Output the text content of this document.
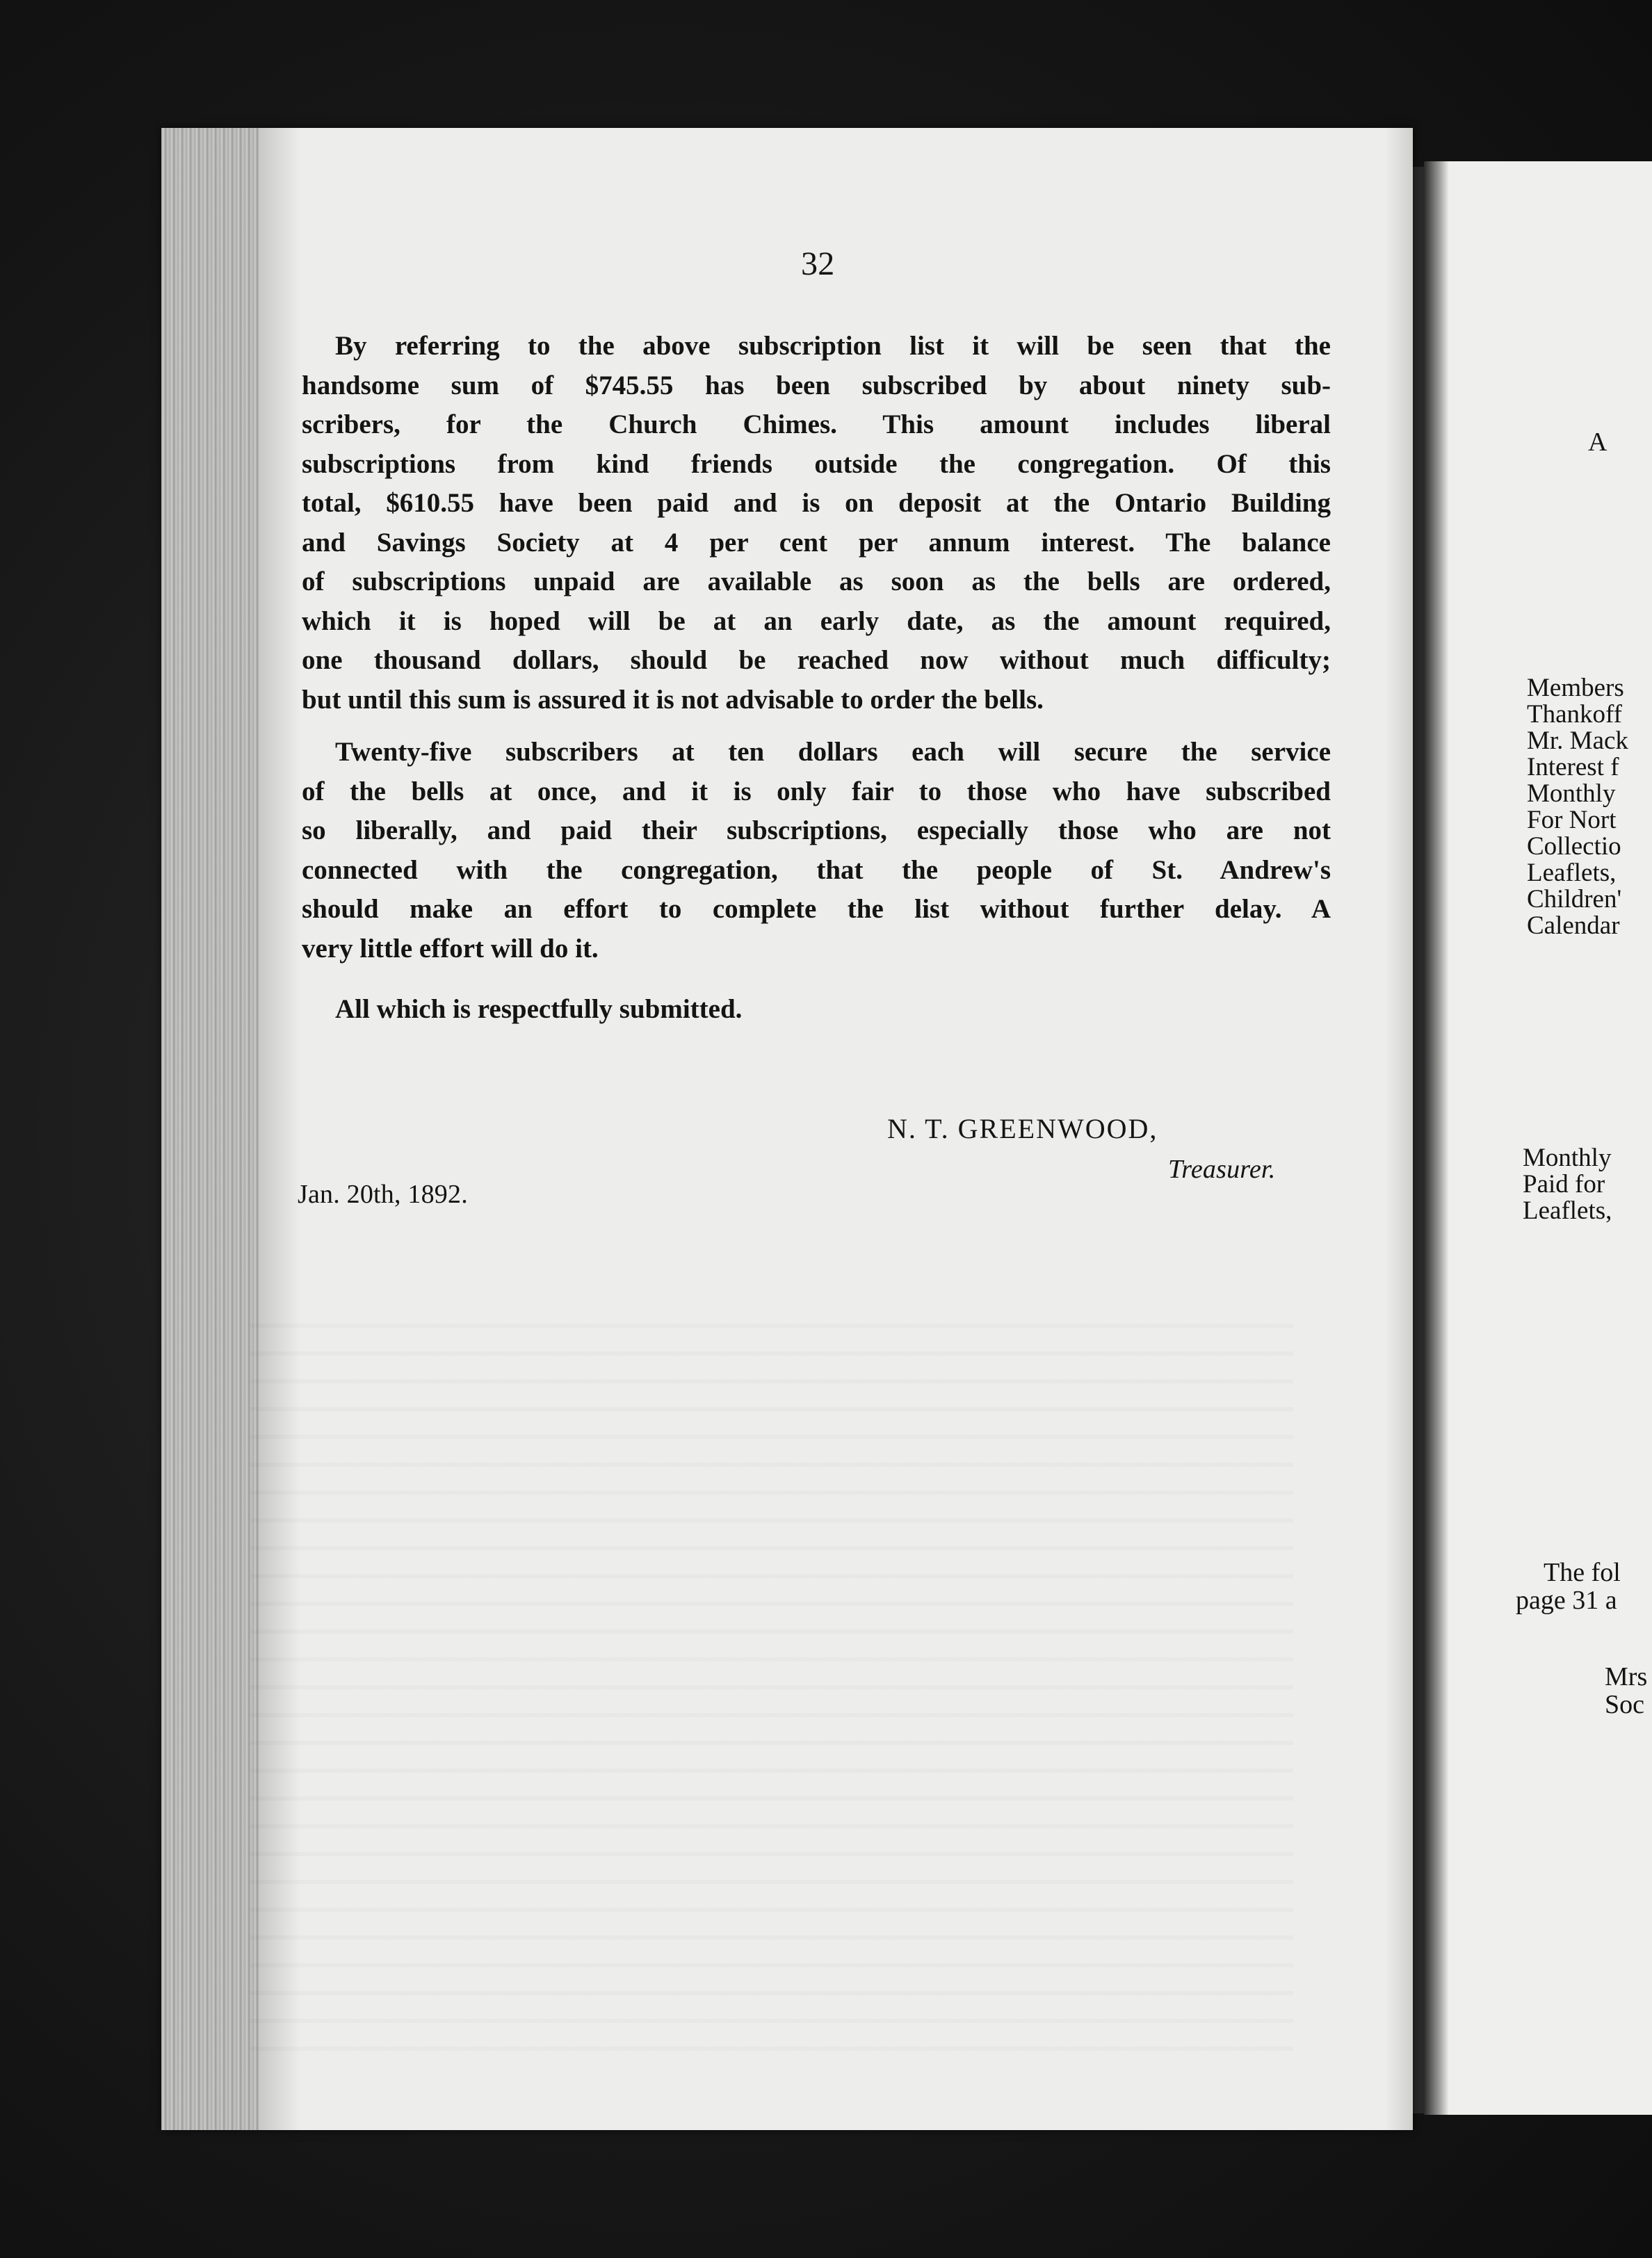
32
By referring to the above subscription list it will be seen that the
handsome sum of $745.55 has been subscribed by about ninety sub-
scribers, for the Church Chimes. This amount includes liberal
subscriptions from kind friends outside the congregation. Of this
total, $610.55 have been paid and is on deposit at the Ontario Building
and Savings Society at 4 per cent per annum interest. The balance
of subscriptions unpaid are available as soon as the bells are ordered,
which it is hoped will be at an early date, as the amount required,
one thousand dollars, should be reached now without much difficulty;
but until this sum is assured it is not advisable to order the bells.
Twenty-five subscribers at ten dollars each will secure the service
of the bells at once, and it is only fair to those who have subscribed
so liberally, and paid their subscriptions, especially those who are not
connected with the congregation, that the people of St. Andrew's
should make an effort to complete the list without further delay. A
very little effort will do it.
All which is respectfully submitted.
N. T. GREENWOOD,
Treasurer.
Jan. 20th, 1892.
A
Members
Thankoff
Mr. Mack
Interest f
Monthly
For Nort
Collectio
Leaflets,
Children'
Calendar
Monthly
Paid for
Leaflets,
The fol
page 31 a
Mrs
Soc
